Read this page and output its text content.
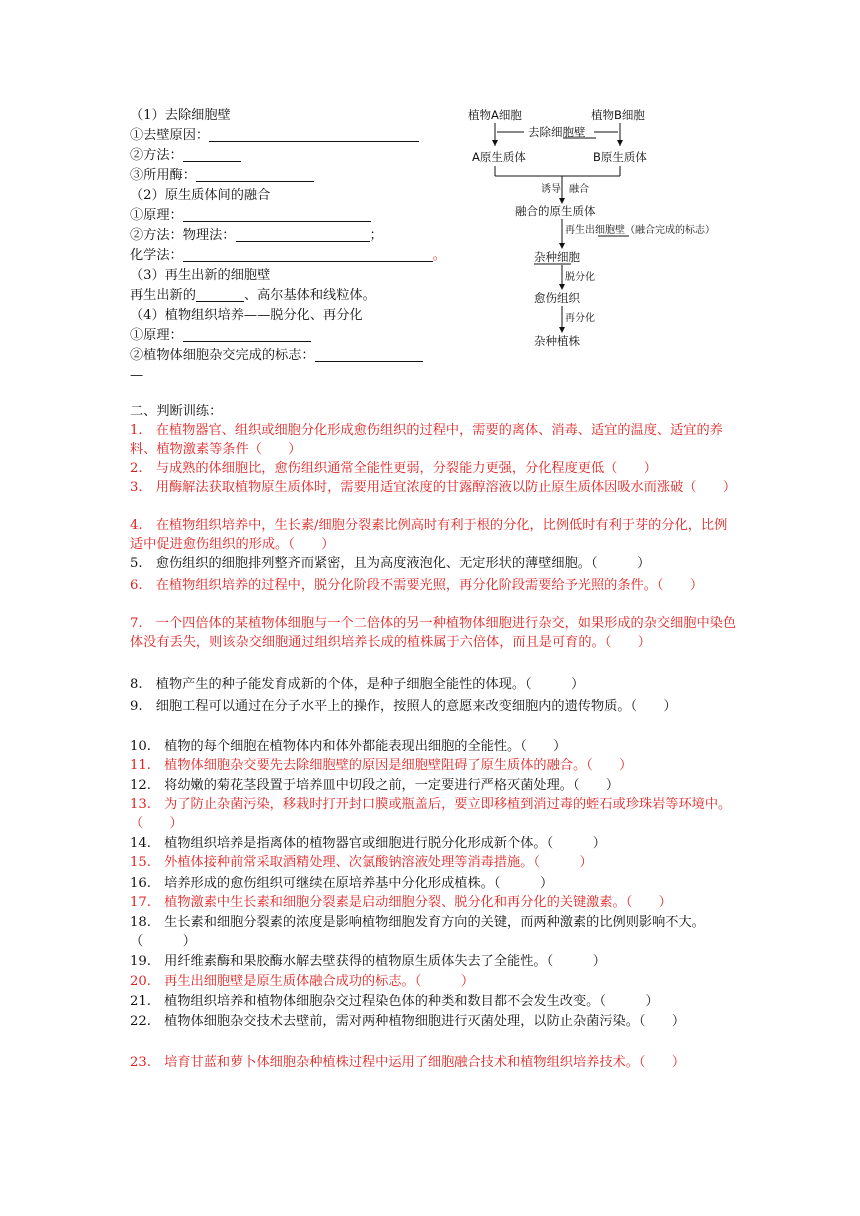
（1）去除细胞壁
①去壁原因：
②方法：
③所用酶：
（2）原生质体间的融合
①原理：
②方法：物理法：	；
化学法：	。
（3）再生出新的细胞壁
再生出新的	、高尔基体和线粒体。
（4）植物组织培养——脱分化、再分化
①原理：
②植物体细胞杂交完成的标志：
—
植物A细胞	植物B细胞
去除细胞壁
A原生质体	B原生质体
诱导 融合
融合的原生质体
再生出细胞壁（融合完成的标志）
杂种细胞
脱分化
愈伤组织
再分化
杂种植株
二、判断训练：
1.　在植物器官、组织或细胞分化形成愈伤组织的过程中，需要的离体、消毒、适宜的温度、适宜的养料、植物激素等条件（　　）
2.　与成熟的体细胞比，愈伤组织通常全能性更弱，分裂能力更强，分化程度更低（　　）
3.　用酶解法获取植物原生质体时，需要用适宜浓度的甘露醇溶液以防止原生质体因吸水而涨破（　　）
4.　在植物组织培养中，生长素/细胞分裂素比例高时有利于根的分化，比例低时有利于芽的分化，比例适中促进愈伤组织的形成。（　　）
5.　愈伤组织的细胞排列整齐而紧密，且为高度液泡化、无定形状的薄壁细胞。（　　　）
6.　在植物组织培养的过程中，脱分化阶段不需要光照，再分化阶段需要给予光照的条件。（　　）
7.　一个四倍体的某植物体细胞与一个二倍体的另一种植物体细胞进行杂交，如果形成的杂交细胞中染色体没有丢失，则该杂交细胞通过组织培养长成的植株属于六倍体，而且是可育的。（　　）
8.　植物产生的种子能发育成新的个体，是种子细胞全能性的体现。（　　　）
9.　细胞工程可以通过在分子水平上的操作，按照人的意愿来改变细胞内的遗传物质。（　　）
10.　植物的每个细胞在植物体内和体外都能表现出细胞的全能性。（　　）
11.　植物体细胞杂交要先去除细胞壁的原因是细胞壁阻碍了原生质体的融合。（　　）
12.　将幼嫩的菊花茎段置于培养皿中切段之前，一定要进行严格灭菌处理。（　　）
13.　为了防止杂菌污染，移栽时打开封口膜或瓶盖后，要立即移植到消过毒的蛭石或珍珠岩等环境中。（　　）
14.　植物组织培养是指离体的植物器官或细胞进行脱分化形成新个体。（　　　）
15.　外植体接种前常采取酒精处理、次氯酸钠溶液处理等消毒措施。（　　　）
16.　培养形成的愈伤组织可继续在原培养基中分化形成植株。（　　　）
17.　植物激素中生长素和细胞分裂素是启动细胞分裂、脱分化和再分化的关键激素。（　　）
18.　生长素和细胞分裂素的浓度是影响植物细胞发育方向的关键，而两种激素的比例则影响不大。（　　　）
19.　用纤维素酶和果胶酶水解去壁获得的植物原生质体失去了全能性。（　　　）
20.　再生出细胞壁是原生质体融合成功的标志。（　　　）
21.　植物组织培养和植物体细胞杂交过程染色体的种类和数目都不会发生改变。（　　　）
22.　植物体细胞杂交技术去壁前，需对两种植物细胞进行灭菌处理，以防止杂菌污染。（　　）
23.　培育甘蓝和萝卜体细胞杂种植株过程中运用了细胞融合技术和植物组织培养技术。（　　）
